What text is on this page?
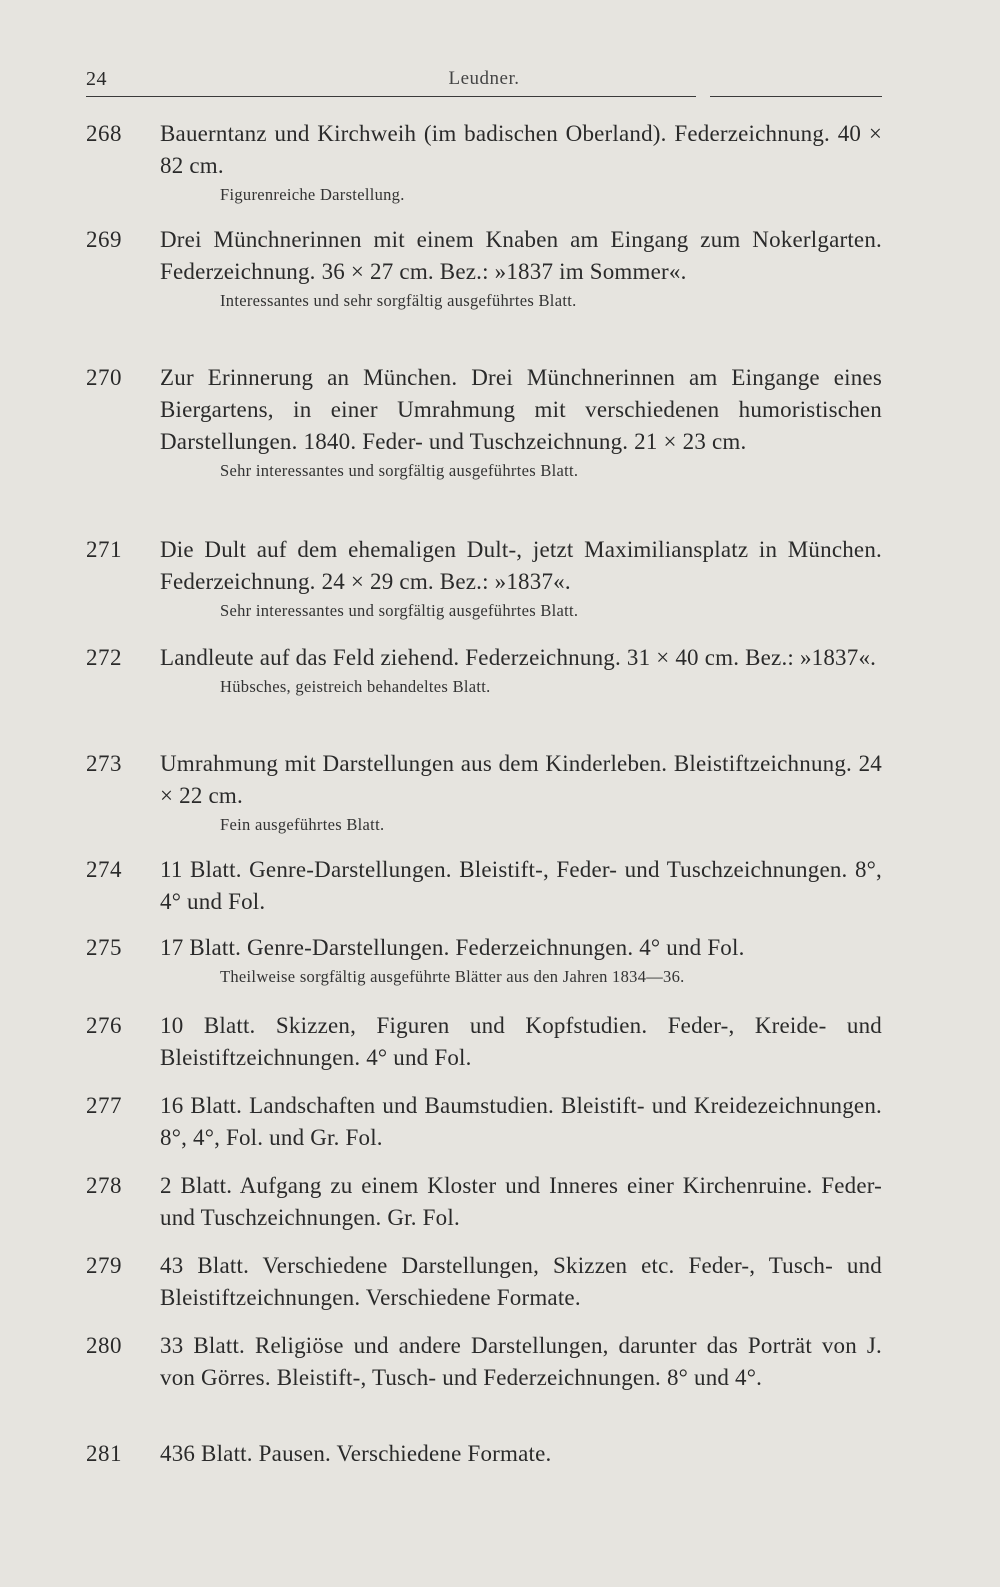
24	Leudner.
268	Bauerntanz und Kirchweih (im badischen Oberland). Federzeichnung. 40 × 82 cm.
Figurenreiche Darstellung.
269	Drei Münchnerinnen mit einem Knaben am Eingang zum Nokerlgarten. Federzeichnung. 36 × 27 cm. Bez.: »1837 im Sommer«.
Interessantes und sehr sorgfältig ausgeführtes Blatt.
270	Zur Erinnerung an München. Drei Münchnerinnen am Eingange eines Biergartens, in einer Umrahmung mit verschiedenen humoristischen Darstellungen. 1840. Feder- und Tuschzeichnung. 21 × 23 cm.
Sehr interessantes und sorgfältig ausgeführtes Blatt.
271	Die Dult auf dem ehemaligen Dult-, jetzt Maximiliansplatz in München. Federzeichnung. 24 × 29 cm. Bez.: »1837«.
Sehr interessantes und sorgfältig ausgeführtes Blatt.
272	Landleute auf das Feld ziehend. Federzeichnung. 31 × 40 cm. Bez.: »1837«.
Hübsches, geistreich behandeltes Blatt.
273	Umrahmung mit Darstellungen aus dem Kinderleben. Bleistiftzeichnung. 24 × 22 cm.
Fein ausgeführtes Blatt.
274	11 Blatt. Genre-Darstellungen. Bleistift-, Feder- und Tuschzeichnungen. 8°, 4° und Fol.
275	17 Blatt. Genre-Darstellungen. Federzeichnungen. 4° und Fol.
Theilweise sorgfältig ausgeführte Blätter aus den Jahren 1834—36.
276	10 Blatt. Skizzen, Figuren und Kopfstudien. Feder-, Kreide- und Bleistiftzeichnungen. 4° und Fol.
277	16 Blatt. Landschaften und Baumstudien. Bleistift- und Kreidezeichnungen. 8°, 4°, Fol. und Gr. Fol.
278	2 Blatt. Aufgang zu einem Kloster und Inneres einer Kirchenruine. Feder- und Tuschzeichnungen. Gr. Fol.
279	43 Blatt. Verschiedene Darstellungen, Skizzen etc. Feder-, Tusch- und Bleistiftzeichnungen. Verschiedene Formate.
280	33 Blatt. Religiöse und andere Darstellungen, darunter das Porträt von J. von Görres. Bleistift-, Tusch- und Federzeichnungen. 8° und 4°.
281	436 Blatt. Pausen. Verschiedene Formate.
